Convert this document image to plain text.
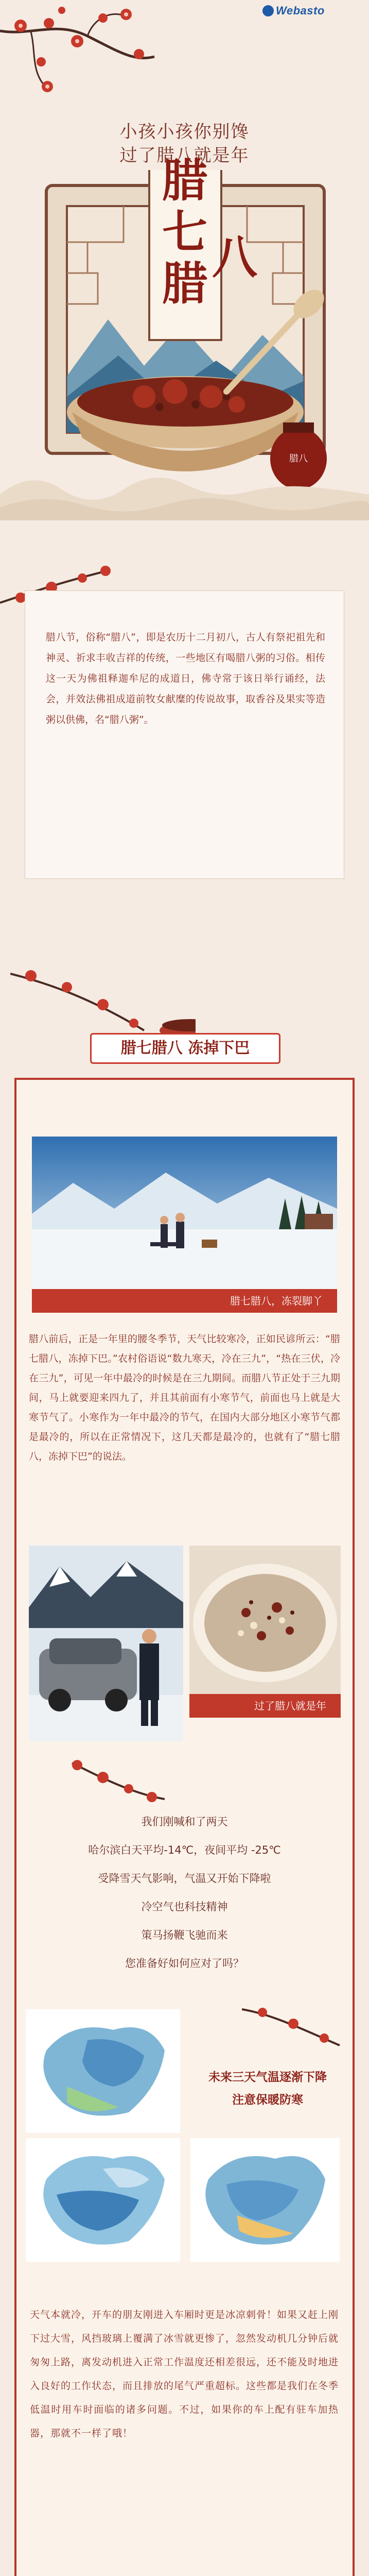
Webasto
小孩小孩你别馋
过了腊八就是年
腊八
腊
七
腊 八

腊八节，俗称“腊八”，即是农历十二月初八，古人有祭祀祖先和神灵、祈求丰收吉祥的传统，一些地区有喝腊八粥的习俗。相传这一天为佛祖释迦牟尼的成道日，佛寺常于该日举行诵经，法会，并效法佛祖成道前牧女献糜的传说故事，取香谷及果实等造粥以供佛，名“腊八粥”。

腊七腊八 冻掉下巴
腊七腊八，冻裂脚丫

腊八前后，正是一年里的腰冬季节，天气比较寒冷，正如民谚所云：“腊七腊八，冻掉下巴。”农村俗语说“数九寒天，冷在三九”，“热在三伏，冷在三九”，可见一年中最冷的时候是在三九期间。而腊八节正处于三九期间，马上就要迎来四九了，并且其前面有小寒节气，前面也马上就是大寒节气了。小寒作为一年中最冷的节气，在国内大部分地区小寒节气都是最冷的，所以在正常情况下，这几天都是最冷的，也就有了“腊七腊八，冻掉下巴”的说法。

过了腊八就是年
我们刚喊和了两天
哈尔滨白天平均-14℃，夜间平均 -25℃
受降雪天气影响，气温又开始下降啦
冷空气也科技精神
策马扬鞭飞驰而来
您准备好如何应对了吗？
未来三天气温逐渐下降
注意保暖防寒

天气本就冷，开车的朋友刚进入车厢时更是冰凉刺骨！如果又赶上刚下过大雪，风挡玻璃上覆满了冰雪就更惨了，忽然发动机几分钟后就匆匆上路，离发动机进入正常工作温度还相差很远，还不能及时地进入良好的工作状态，而且排放的尾气严重超标。这些都是我们在冬季低温时用车时面临的诸多问题。不过，如果你的车上配有驻车加热器，那就不一样了哦！
